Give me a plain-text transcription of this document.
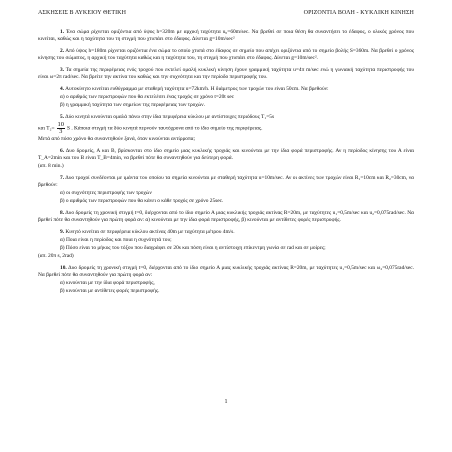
ΑΣΚΗΣΕΙΣ Β ΛΥΚΕΙΟΥ ΘΕΤΙΚΗ	ΟΡΙΖΟΝΤΙΑ ΒΟΛΗ - ΚΥΚΛΙΚΗ ΚΙΝΗΣΗ

1. Ένα σώμα ρίχνεται οριζόντια από ύψος h=320m με αρχική ταχύτητα u₀=60m/sec. Να βρεθεί σε ποια θέση θα συναντήσει το έδαφος, ο ολικός χρόνος που κινείται, καθώς και η ταχύτητα του τη στιγμή που χτυπάει στο έδαφος. Δίνεται g=10m/sec²

2. Από ύψος h=180m ρίχνεται οριζόντια ένα σώμα το οποίο χτυπά στο έδαφος σε σημείο που απέχει οριζόντια από το σημείο βολής S=360m. Να βρεθεί ο χρόνος κίνησης του σώματος, η αρχική του ταχύτητα καθώς και η ταχύτητα του, τη στιγμή που χτυπάει στο έδαφος. Δίνεται g=10m/sec².

3. Τα σημεία της περιφέρειας ενός τροχού που εκτελεί ομαλή κυκλική κίνηση έχουν γραμμική ταχύτητα u=4π m/sec ενώ η γωνιακή ταχύτητα περιστροφής του είναι ω=2π rad/sec. Να βρείτε την ακτίνα του καθώς και την συχνότητα και την περίοδο περιστροφής του.

4. Αυτοκίνητο κινείται ευθύγραμμα με σταθερή ταχύτητα u=72km/h. Η διάμετρος των τροχών του είναι 50cm. Να βρεθούν:

α) ο αριθμός των περιστροφών που θα εκτελέσει ένας τροχός σε χρόνο t=20t sec

β) η γραμμική ταχύτητα των σημείων της περιφέρειας των τροχών.

5. Δύο κινητά κινούνται ομαλά πάνω στην ίδια περιφέρεια κύκλου με αντίστοιχες περιόδους T₁=5s

και $T_2= \frac{10}{3}$ S . Κάποια στιγμή τα δύο κινητά περνούν ταυτόχρονα από το ίδιο σημείο της περιφέρειας.

Μετά από πόσο χρόνο θα συναντηθούν ξανά, όταν κινούνται αντίρροπα;

6. Δυο δρομείς, Α και Β, βρίσκονται στο ίδιο σημείο μιας κυκλικής τροχιάς και κινούνται με την ίδια φορά περιστροφής. Αν η περίοδος κίνησης του Α είναι T_A=2min και του Β είναι T_B=4min, να βρεθεί πότε θα συναντηθούν για δεύτερη φορά.

(απ. 8 min.)

7. Δυο τροχοί συνδέονται με ιμάντα του οποίου τα σημεία κινούνται με σταθερή ταχύτητα u=10m/sec. Αν οι ακτίνες των τροχών είναι R₁=10cm και R₂=30cm, να βρεθούν:

α) οι συχνότητες περιστροφής των τροχών

β) ο αριθμός των περιστροφών που θα κάνει ο κάθε τροχός σε χρόνο 25sec.

8. Δυο δρομείς τη χρονική στιγμή t=0, διέρχονται από το ίδιο σημείο Α μιας κυκλικής τροχιάς ακτίνας R=20m, με ταχύτητες u₁=0,5m/sec και u₂=0,075rad/sec. Να βρεθεί πότε θα συναντηθούν για πρώτη φορά αν: α) κινούνται με την ίδια φορά περιστροφής, β) κινούνται με αντίθετες φορές περιστροφής.

9. Κινητό κινείται σε περιφέρεια κύκλου ακτίνας 40m με ταχύτητα μέτρου 4m/s.

α) Ποια είναι η περίοδος και ποια η συχνότητά του;

β) Πόσο είναι το μήκος του τόξου που διαγράφει σε 20s και πόση είναι η αντίστοιχη επίκεντρη γωνία σε rad και σε μοίρες;

(απ. 20π s, 2rad)

10. Δυο δρομείς τη χρονική στιγμή t=0, διέρχονται από το ίδιο σημείο Α μιας κυκλικής τροχιάς ακτίνας R=20m, με ταχύτητες u₁=0,5m/sec και ω₂=0,075rad/sec. Να βρεθεί πότε θα συναντηθούν για πρώτη φορά αν:

α) κινούνται με την ίδια φορά περιστροφής,

β) κινούνται με αντίθετες φορές περιστροφής.

1
